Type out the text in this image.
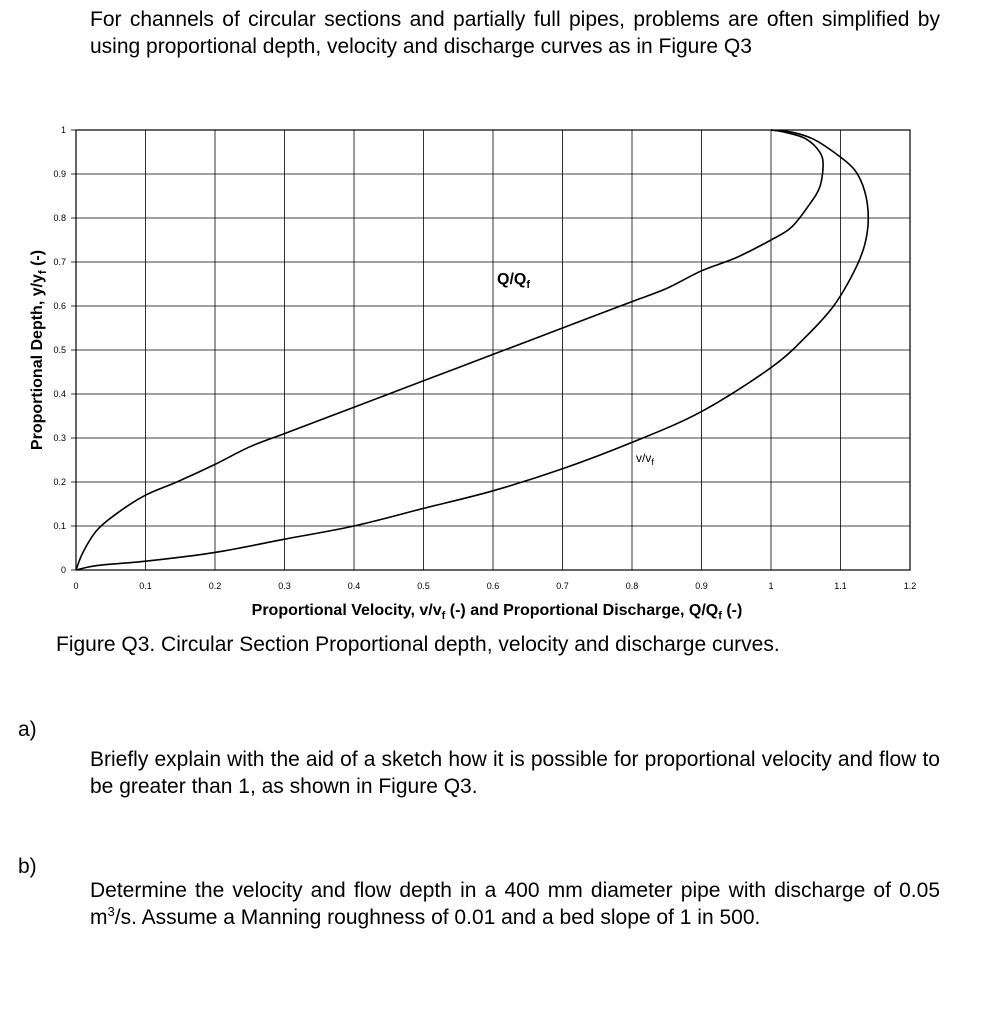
For channels of circular sections and partially full pipes, problems are often simplified by using proportional depth, velocity and discharge curves as in Figure Q3
0
0.1
0.2
0.3
0.4
0.5
0.6
0.7
0.8
0.9
1
0	0.1	0.2	0.3	0.4	0.5	0.6	0.7	0.8	0.9	1	1.1	1.2
$Q/Q_f$
$v/v_f$
Proportional Velocity, $v/v_f$ (-) and Proportional Discharge, $Q/Q_f$ (-)
Proportional Depth, $y/y_f$ (-)
Figure Q3. Circular Section Proportional depth, velocity and discharge curves.
a)
Briefly explain with the aid of a sketch how it is possible for proportional velocity and flow to be greater than 1, as shown in Figure Q3.
b)
Determine the velocity and flow depth in a 400 mm diameter pipe with discharge of 0.05 $m^3/s$. Assume a Manning roughness of 0.01 and a bed slope of 1 in 500.
